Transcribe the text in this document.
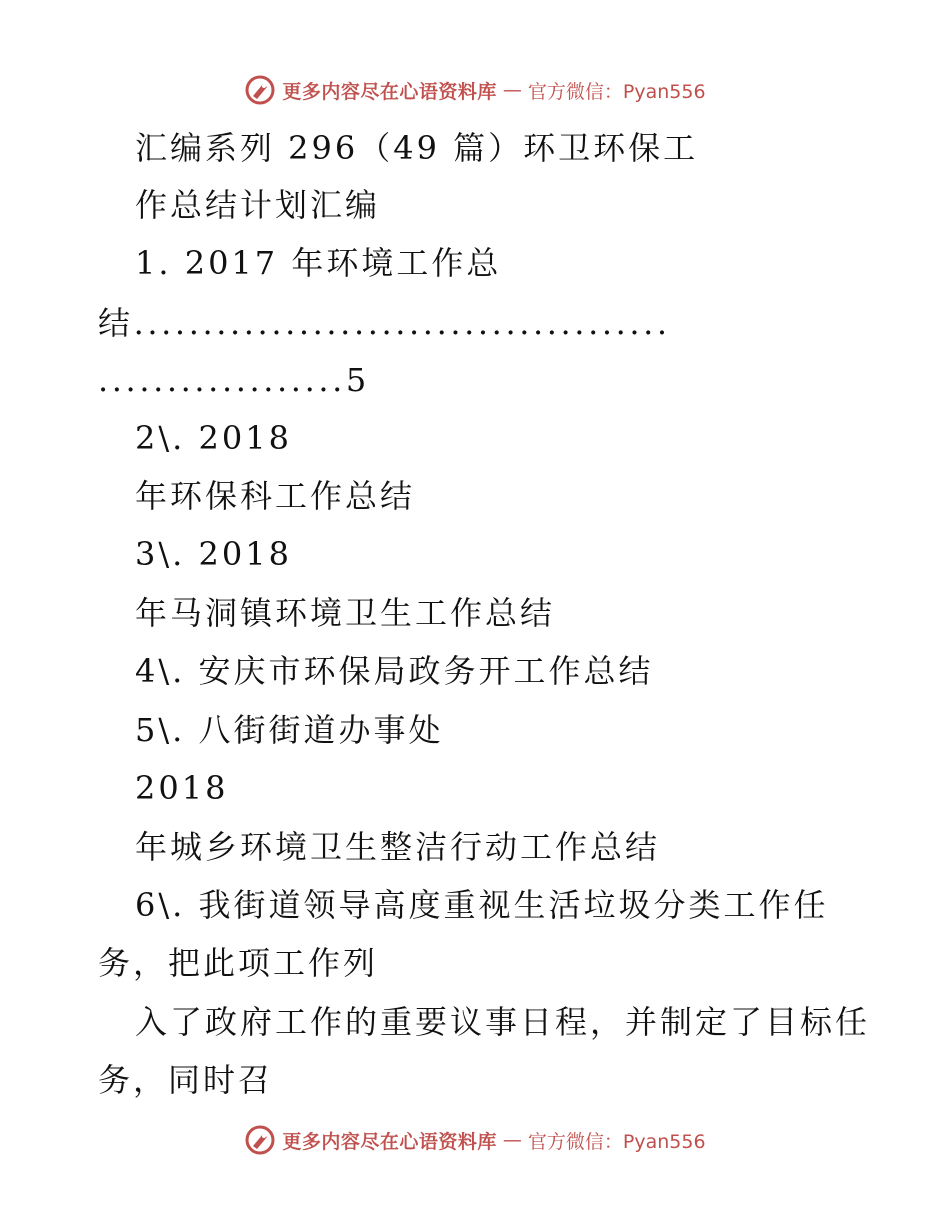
更多内容尽在心语资料库 — 官方微信：Pyan556
汇编系列 296（49 篇）环卫环保工
作总结计划汇编
1. 2017 年环境工作总
结.......................................
..................5
2\. 2018
年环保科工作总结
3\. 2018
年马洞镇环境卫生工作总结
4\. 安庆市环保局政务开工作总结
5\. 八街街道办事处
2018
年城乡环境卫生整洁行动工作总结
6\. 我街道领导高度重视生活垃圾分类工作任
务，把此项工作列
入了政府工作的重要议事日程，并制定了目标任
务，同时召
更多内容尽在心语资料库 — 官方微信：Pyan556
